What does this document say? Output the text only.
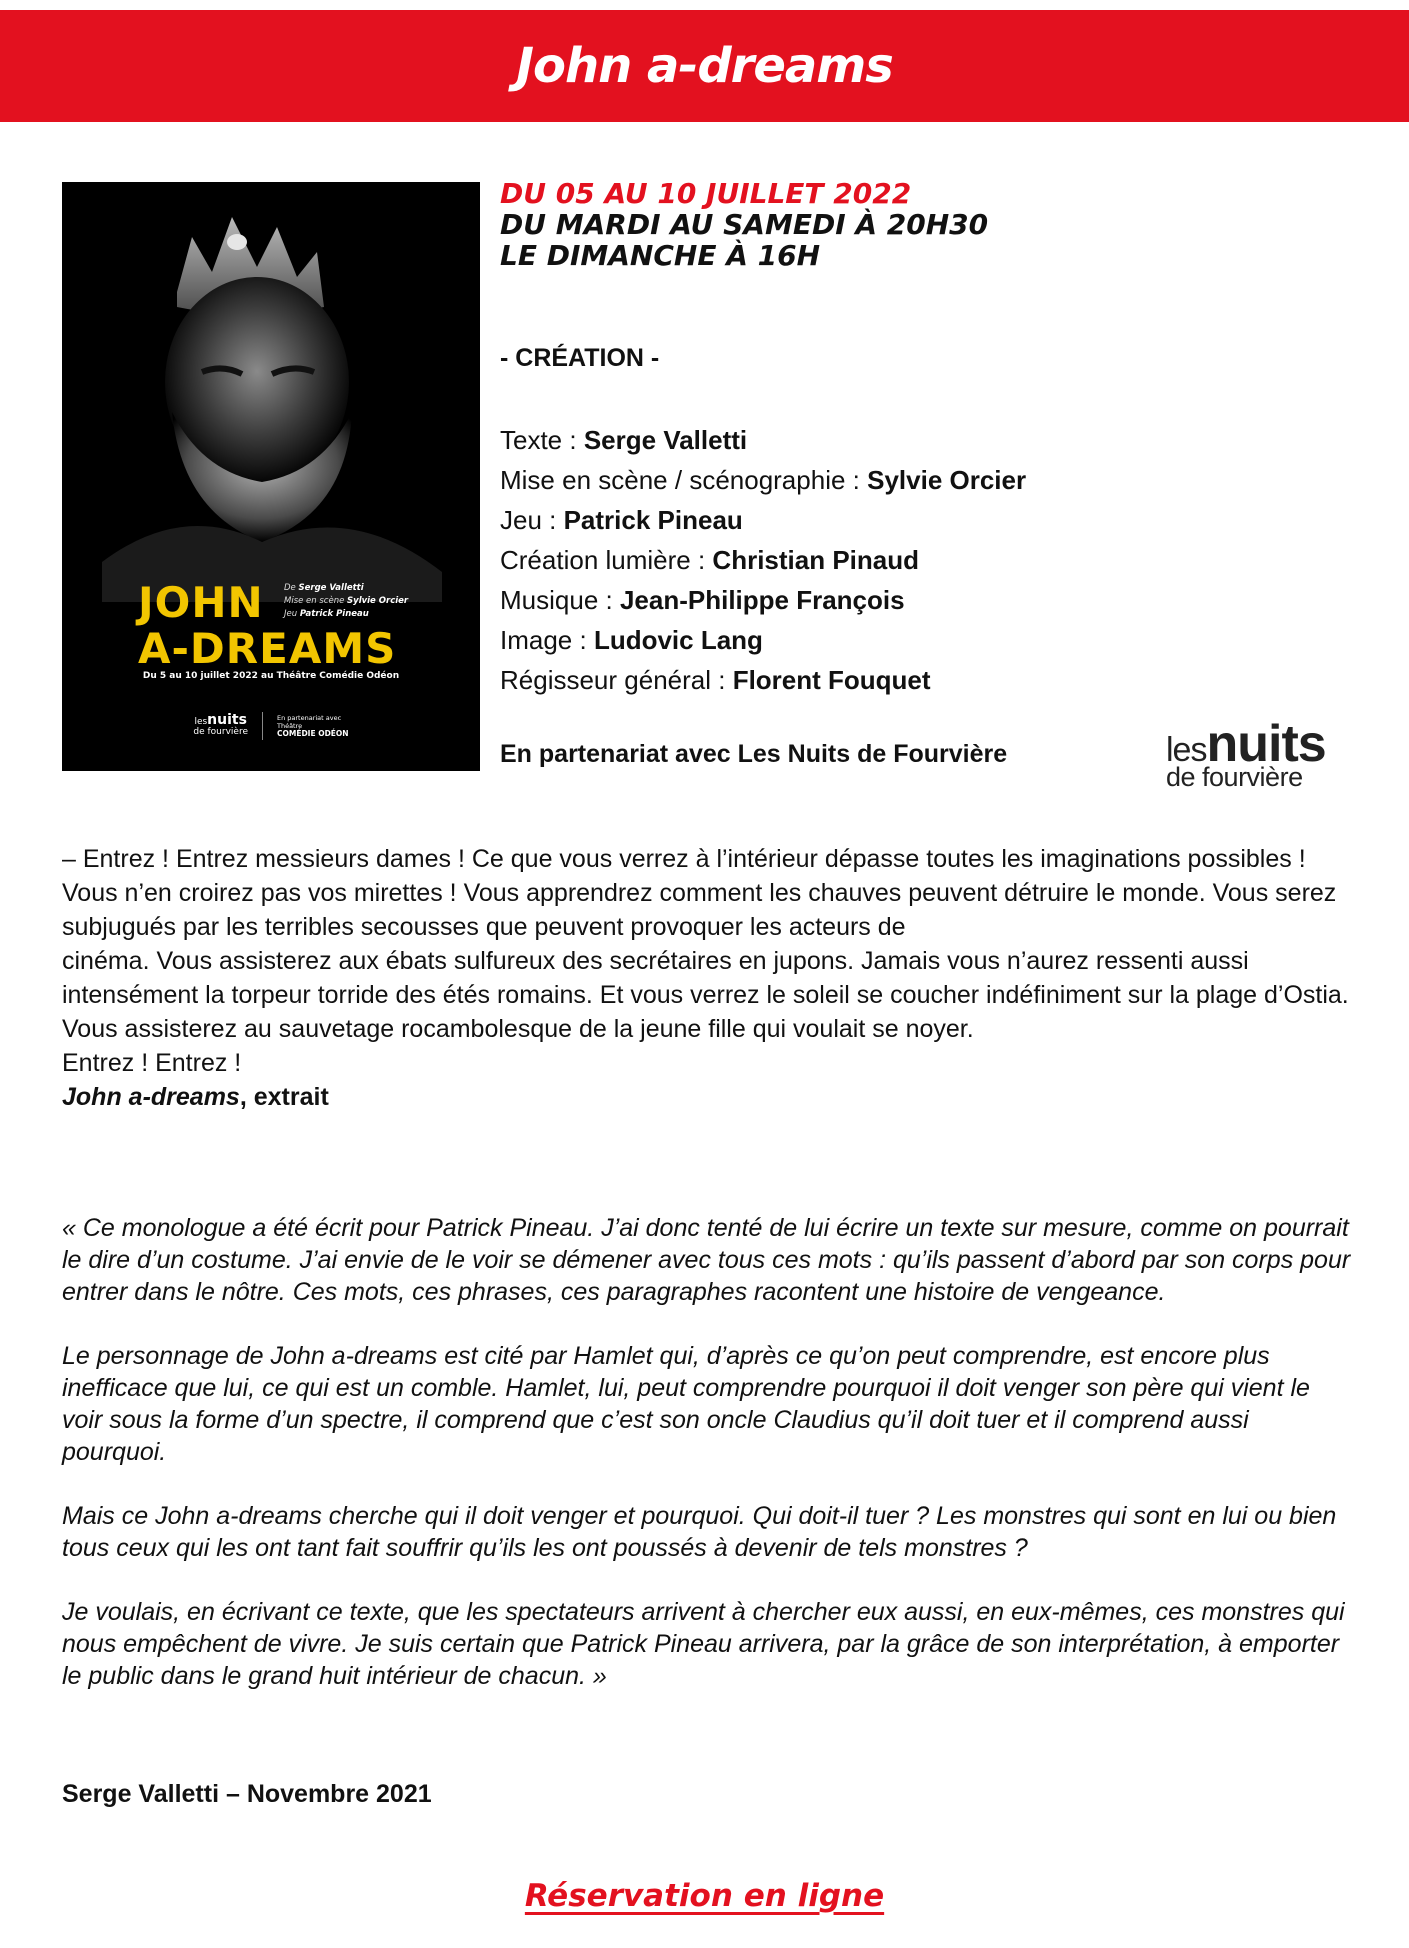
John a-dreams
JOHN
A-DREAMS
De Serge Valletti
Mise en scène Sylvie Orcier
Jeu Patrick Pineau
Du 5 au 10 juillet 2022 au Théâtre Comédie Odéon
lesnuits
de fourvière
En partenariat avec
Théâtre
COMÉDIE ODÉON
DU 05 AU 10 JUILLET 2022
DU MARDI AU SAMEDI À 20H30
LE DIMANCHE À 16H
- CRÉATION -
Texte : Serge Valletti
Mise en scène / scénographie : Sylvie Orcier
Jeu : Patrick Pineau
Création lumière : Christian Pinaud
Musique : Jean-Philippe François
Image : Ludovic Lang
Régisseur général : Florent Fouquet
En partenariat avec Les Nuits de Fourvière	lesnuits
de fourvière

– Entrez ! Entrez messieurs dames ! Ce que vous verrez à l’intérieur dépasse toutes les imaginations possibles ! Vous n’en croirez pas vos mirettes ! Vous apprendrez comment les chauves peuvent détruire le monde. Vous serez subjugués par les terribles secousses que peuvent provoquer les acteurs de

cinéma. Vous assisterez aux ébats sulfureux des secrétaires en jupons. Jamais vous n’aurez ressenti aussi intensément la torpeur torride des étés romains. Et vous verrez le soleil se coucher indéfiniment sur la plage d’Ostia. Vous assisterez au sauvetage rocambolesque de la jeune fille qui voulait se noyer.

Entrez ! Entrez !

John a-dreams, extrait

« Ce monologue a été écrit pour Patrick Pineau. J’ai donc tenté de lui écrire un texte sur mesure, comme on pourrait le dire d’un costume. J’ai envie de le voir se démener avec tous ces mots : qu’ils passent d’abord par son corps pour entrer dans le nôtre. Ces mots, ces phrases, ces paragraphes racontent une histoire de vengeance.

Le personnage de John a-dreams est cité par Hamlet qui, d’après ce qu’on peut comprendre, est encore plus inefficace que lui, ce qui est un comble. Hamlet, lui, peut comprendre pourquoi il doit venger son père qui vient le voir sous la forme d’un spectre, il comprend que c’est son oncle Claudius qu’il doit tuer et il comprend aussi pourquoi.

Mais ce John a-dreams cherche qui il doit venger et pourquoi. Qui doit-il tuer ? Les monstres qui sont en lui ou bien tous ceux qui les ont tant fait souffrir qu’ils les ont poussés à devenir de tels monstres ?

Je voulais, en écrivant ce texte, que les spectateurs arrivent à chercher eux aussi, en eux-mêmes, ces monstres qui nous empêchent de vivre. Je suis certain que Patrick Pineau arrivera, par la grâce de son interprétation, à emporter le public dans le grand huit intérieur de chacun. »

Serge Valletti – Novembre 2021
Réservation en ligne
